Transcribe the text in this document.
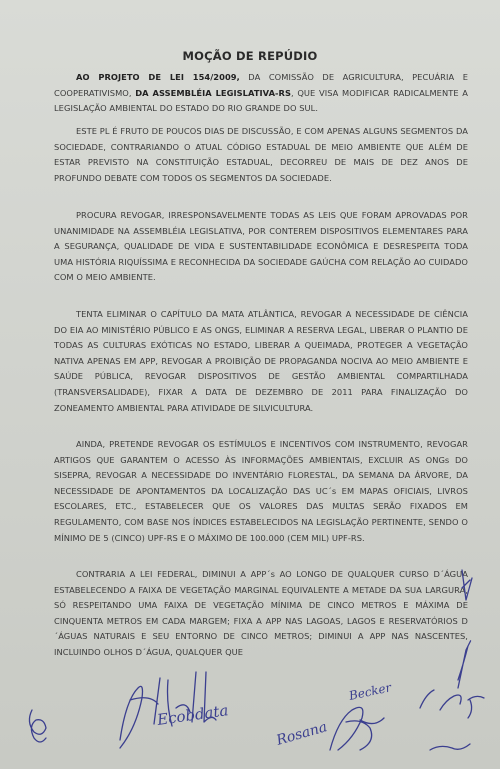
MOÇÃO DE REPÚDIO
AO PROJETO DE LEI 154/2009, DA COMISSÃO DE AGRICULTURA, PECUÁRIA E COOPERATIVISMO, DA ASSEMBLÉIA LEGISLATIVA-RS, QUE VISA MODIFICAR RADICALMENTE A LEGISLAÇÃO AMBIENTAL DO ESTADO DO RIO GRANDE DO SUL.
ESTE PL É FRUTO DE POUCOS DIAS DE DISCUSSÃO, E COM APENAS ALGUNS SEGMENTOS DA SOCIEDADE, CONTRARIANDO O ATUAL CÓDIGO ESTADUAL DE MEIO AMBIENTE QUE ALÉM DE ESTAR PREVISTO NA CONSTITUIÇÃO ESTADUAL, DECORREU DE MAIS DE DEZ ANOS DE PROFUNDO DEBATE COM TODOS OS SEGMENTOS DA SOCIEDADE.
PROCURA REVOGAR, IRRESPONSAVELMENTE TODAS AS LEIS QUE FORAM APROVADAS POR UNANIMIDADE NA ASSEMBLÉIA LEGISLATIVA, POR CONTEREM DISPOSITIVOS ELEMENTARES PARA A SEGURANÇA, QUALIDADE DE VIDA E SUSTENTABILIDADE ECONÔMICA E DESRESPEITA TODA UMA HISTÓRIA RIQUÍSSIMA E RECONHECIDA DA SOCIEDADE GAÚCHA COM RELAÇÃO AO CUIDADO COM O MEIO AMBIENTE.
TENTA ELIMINAR O CAPÍTULO DA MATA ATLÂNTICA, REVOGAR A NECESSIDADE DE CIÊNCIA DO EIA AO MINISTÉRIO PÚBLICO E AS ONGS, ELIMINAR A RESERVA LEGAL, LIBERAR O PLANTIO DE TODAS AS CULTURAS EXÓTICAS NO ESTADO, LIBERAR A QUEIMADA, PROTEGER A VEGETAÇÃO NATIVA APENAS EM APP, REVOGAR A PROIBIÇÃO DE PROPAGANDA NOCIVA AO MEIO AMBIENTE E SAÚDE PÚBLICA, REVOGAR DISPOSITIVOS DE GESTÃO AMBIENTAL COMPARTILHADA (TRANSVERSALIDADE), FIXAR A DATA DE DEZEMBRO DE 2011 PARA FINALIZAÇÃO DO ZONEAMENTO AMBIENTAL PARA ATIVIDADE DE SILVICULTURA.
AINDA, PRETENDE REVOGAR OS ESTÍMULOS E INCENTIVOS COM INSTRUMENTO, REVOGAR ARTIGOS QUE GARANTEM O ACESSO ÀS INFORMAÇÕES AMBIENTAIS, EXCLUIR AS ONGs DO SISEPRA, REVOGAR A NECESSIDADE DO INVENTÁRIO FLORESTAL, DA SEMANA DA ÁRVORE, DA NECESSIDADE DE APONTAMENTOS DA LOCALIZAÇÃO DAS UC´s EM MAPAS OFICIAIS, LIVROS ESCOLARES, ETC., ESTABELECER QUE OS VALORES DAS MULTAS SERÃO FIXADOS EM REGULAMENTO, COM BASE NOS ÍNDICES ESTABELECIDOS NA LEGISLAÇÃO PERTINENTE, SENDO O MÍNIMO DE 5 (CINCO) UPF-RS E O MÁXIMO DE 100.000 (CEM MIL) UPF-RS.
CONTRARIA A LEI FEDERAL, DIMINUI A APP´s AO LONGO DE QUALQUER CURSO D´ÁGUA ESTABELECENDO A FAIXA DE VEGETAÇÃO MARGINAL EQUIVALENTE A METADE DA SUA LARGURA, SÓ RESPEITANDO UMA FAIXA DE VEGETAÇÃO MÍNIMA DE CINCO METROS E MÁXIMA DE CINQUENTA METROS EM CADA MARGEM; FIXA A APP NAS LAGOAS, LAGOS E RESERVATÓRIOS D´ÁGUAS NATURAIS E SEU ENTORNO DE CINCO METROS; DIMINUI A APP NAS NASCENTES, INCLUINDO OLHOS D´ÁGUA, QUALQUER QUE
Ecobdata
Rosana
Becker
